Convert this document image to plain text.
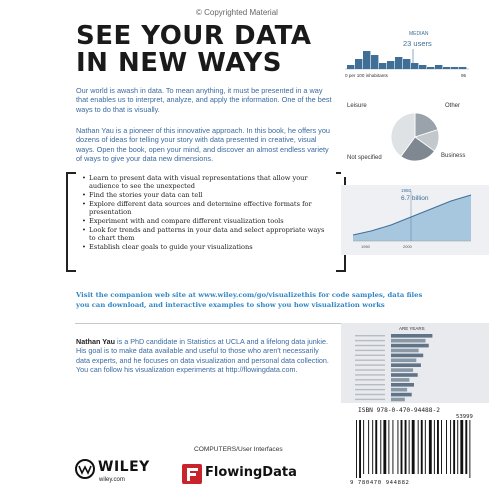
© Copyrighted Material
SEE YOUR DATA
IN NEW WAYS
Our world is awash in data. To mean anything, it must be presented in a way that enables us to interpret, analyze, and apply the information. One of the best ways to do that is visually.
Nathan Yau is a pioneer of this innovative approach. In this book, he offers you dozens of ideas for telling your story with data presented in creative, visual ways. Open the book, open your mind, and discover an almost endless variety of ways to give your data new dimensions.
• Learn to present data with visual representations that allow your audience to see the unexpected
• Find the stories your data can tell
• Explore different data sources and determine effective formats for presentation
• Experiment with and compare different visualization tools
• Look for trends and patterns in your data and select appropriate ways to chart them
• Establish clear goals to guide your visualizations
Visit the companion web site at www.wiley.com/go/visualizethis for code samples, data files you can download, and interactive examples to show you how visualization works
Nathan Yau is a PhD candidate in Statistics at UCLA and a lifelong data junkie. His goal is to make data available and useful to those who aren't necessarily data experts, and he focuses on data visualization and personal data collection. You can follow his visualization experiments at http://flowingdata.com.
COMPUTERS/User Interfaces
WILEY
wiley.com	FlowingData
ISBN 978-0-470-94488-2
53999
9 780470 944882
MEDIAN
23 users
0 per 100 inhabitants	95
Leisure	Other
Not specified	Business
1950
6.7 billion
1950	2000
ARE YEARS
